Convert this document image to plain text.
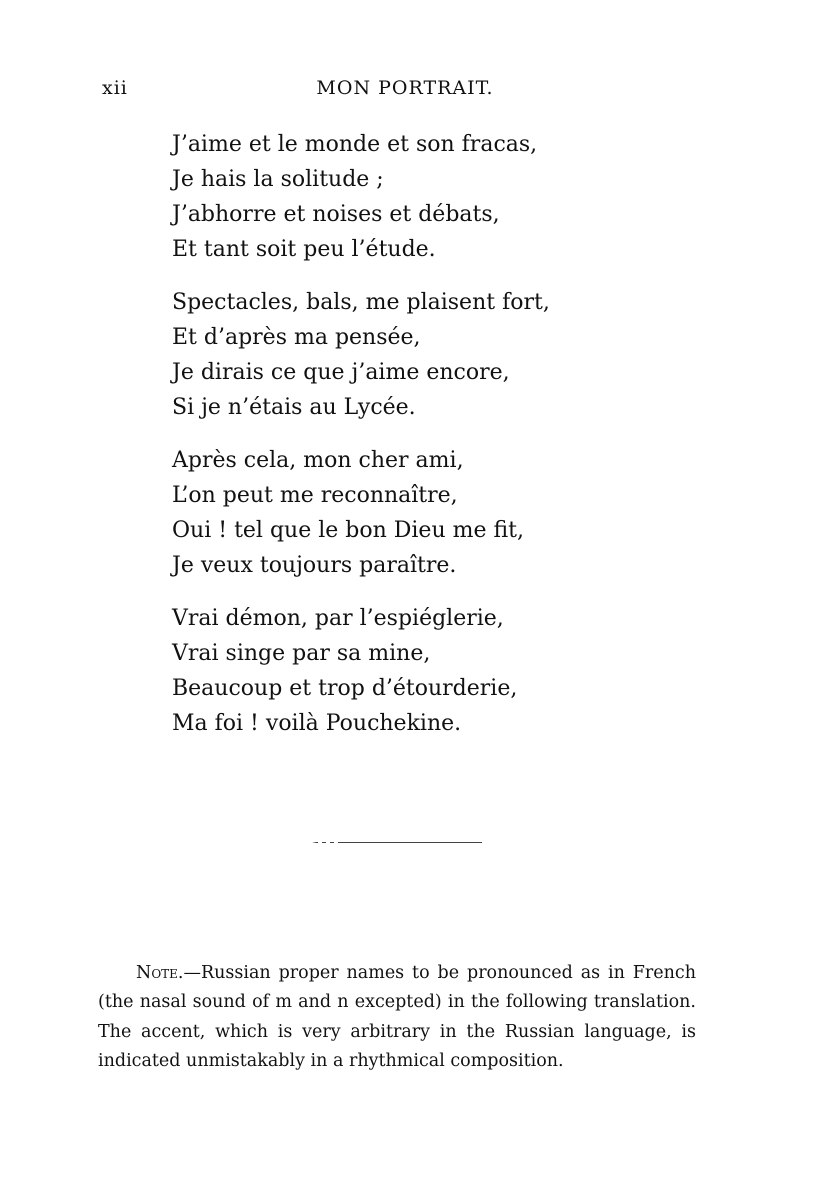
xii	MON PORTRAIT.
J’aime et le monde et son fracas,
Je hais la solitude ;
J’abhorre et noises et débats,
Et tant soit peu l’étude.
Spectacles, bals, me plaisent fort,
Et d’après ma pensée,
Je dirais ce que j’aime encore,
Si je n’étais au Lycée.
Après cela, mon cher ami,
L’on peut me reconnaître,
Oui ! tel que le bon Dieu me fit,
Je veux toujours paraître.
Vrai démon, par l’espiéglerie,
Vrai singe par sa mine,
Beaucoup et trop d’étourderie,
Ma foi ! voilà Pouchekine.

Note.—Russian proper names to be pronounced as in French (the nasal sound of m and n excepted) in the following translation. The accent, which is very arbitrary in the Russian language, is indicated unmistakably in a rhythmical composition.
